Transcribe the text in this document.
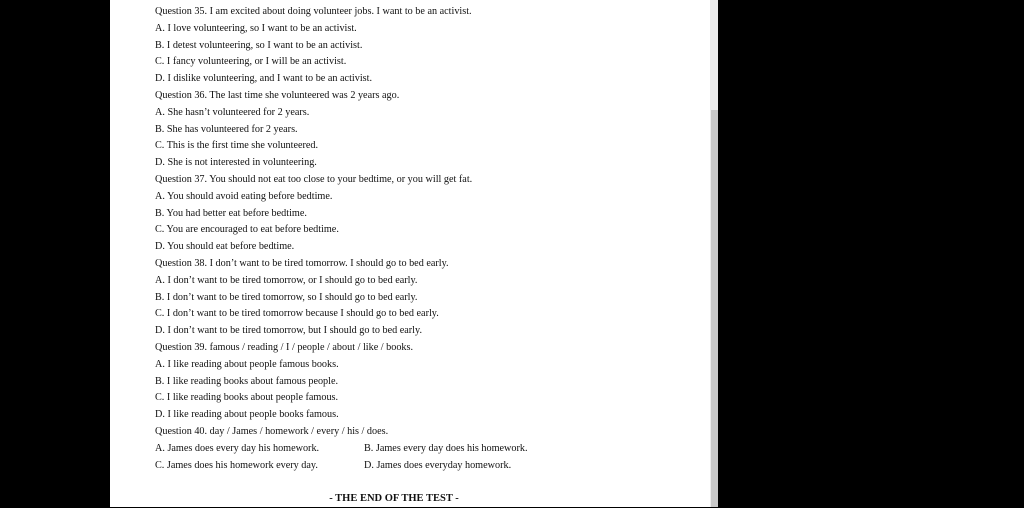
Question 35. I am excited about doing volunteer jobs. I want to be an activist.
A. I love volunteering, so I want to be an activist.
B. I detest volunteering, so I want to be an activist.
C. I fancy volunteering, or I will be an activist.
D. I dislike volunteering, and I want to be an activist.
Question 36. The last time she volunteered was 2 years ago.
A. She hasn’t volunteered for 2 years.
B. She has volunteered for 2 years.
C. This is the first time she volunteered.
D. She is not interested in volunteering.
Question 37. You should not eat too close to your bedtime, or you will get fat.
A. You should avoid eating before bedtime.
B. You had better eat before bedtime.
C. You are encouraged to eat before bedtime.
D. You should eat before bedtime.
Question 38. I don’t want to be tired tomorrow. I should go to bed early.
A. I don’t want to be tired tomorrow, or I should go to bed early.
B. I don’t want to be tired tomorrow, so I should go to bed early.
C. I don’t want to be tired tomorrow because I should go to bed early.
D. I don’t want to be tired tomorrow, but I should go to bed early.
Question 39. famous / reading / I / people / about / like / books.
A. I like reading about people famous books.
B. I like reading books about famous people.
C. I like reading books about people famous.
D. I like reading about people books famous.
Question 40. day / James / homework / every / his / does.
A. James does every day his homework.	B. James every day does his homework.
C. James does his homework every day.	D. James does everyday homework.
- THE END OF THE TEST -
